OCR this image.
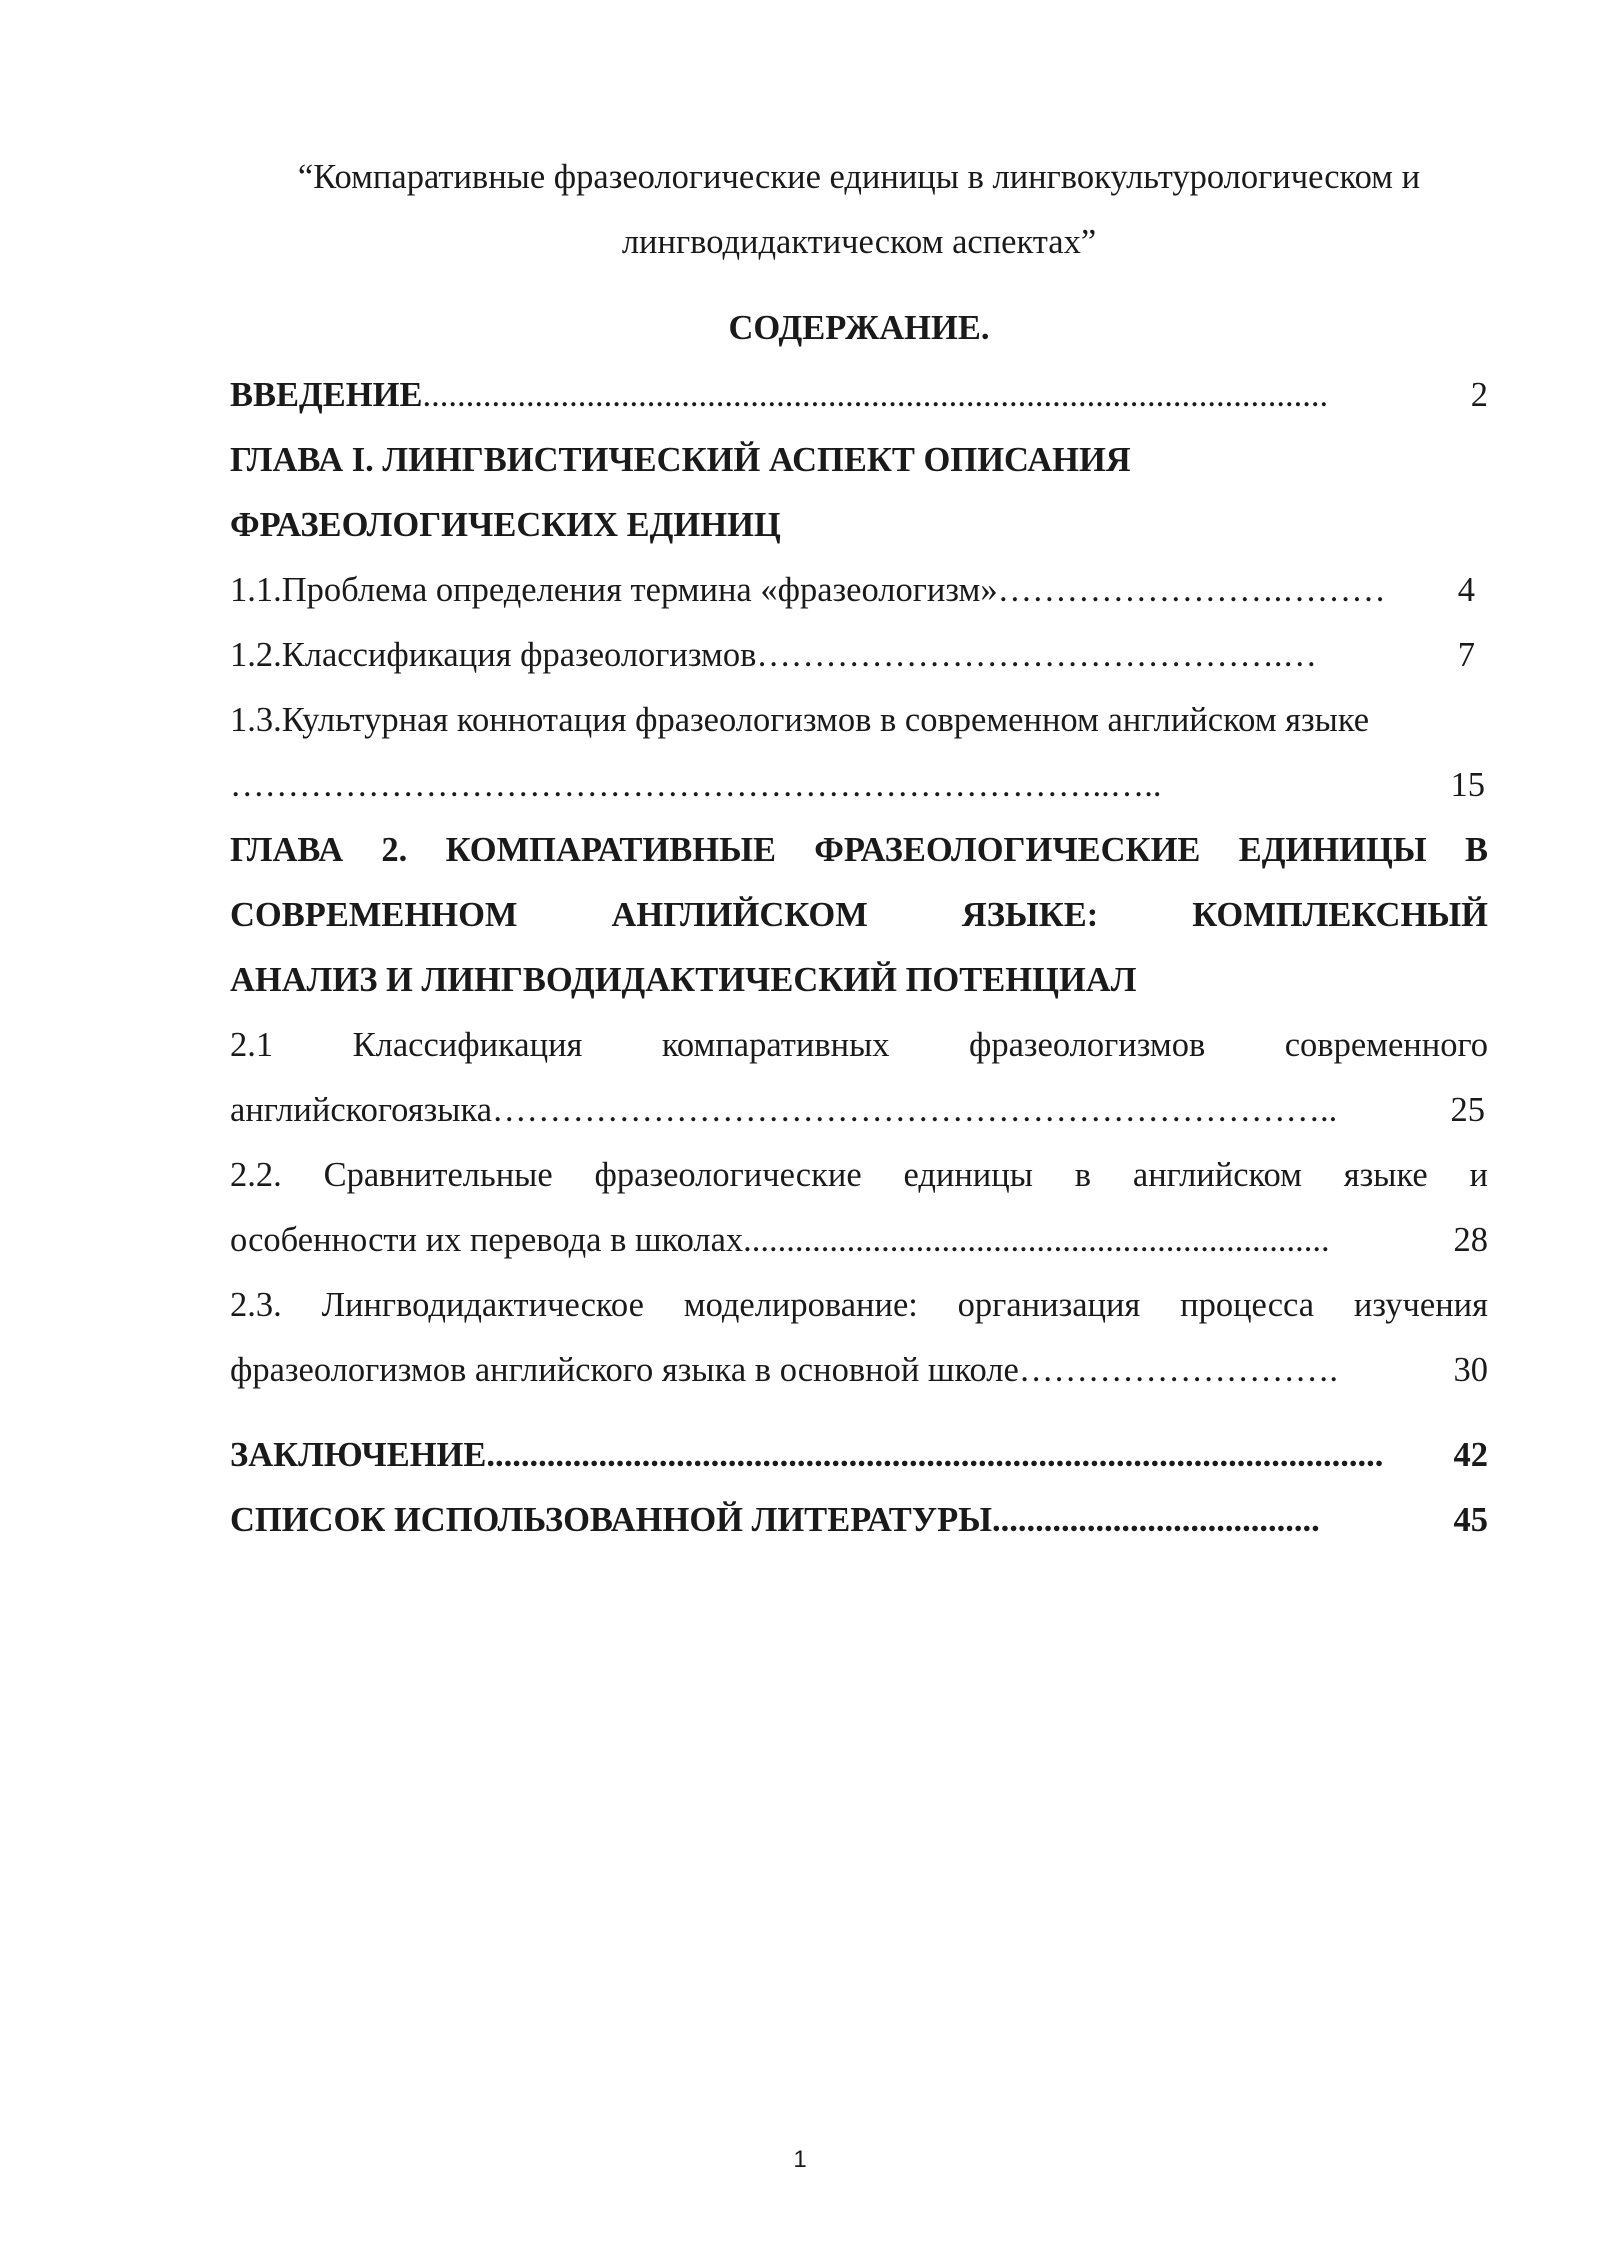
“Компаративные фразеологические единицы в лингвокультурологическом и
лингводидактическом аспектах”
СОДЕРЖАНИЕ.
ВВЕДЕНИЕ .........................................................................................................	2
ГЛАВА I. ЛИНГВИСТИЧЕСКИЙ АСПЕКТ ОПИСАНИЯ
ФРАЗЕОЛОГИЧЕСКИХ ЕДИНИЦ
1.1.Проблема определения термина «фразеологизм» …………………….………	4
1.2.Классификация фразеологизмов ……………………………………….…	7
1.3.Культурная коннотация фразеологизмов в современном английском языке
…………………………………………………………………..…..	15
ГЛАВА 2. КОМПАРАТИВНЫЕ ФРАЗЕОЛОГИЧЕСКИЕ ЕДИНИЦЫ В
СОВРЕМЕННОМ АНГЛИЙСКОМ ЯЗЫКЕ: КОМПЛЕКСНЫЙ
АНАЛИЗ И ЛИНГВОДИДАКТИЧЕСКИЙ ПОТЕНЦИАЛ
2.1 Классификация компаративных фразеологизмов современного
английскогоязыка ………………………………………………………………..	25
2.2. Сравнительные фразеологические единицы в английском языке и
особенности их перевода в школах ....................................................................	28
2.3. Лингводидактическое моделирование: организация процесса изучения
фразеологизмов английского языка в основной школе ……………………….	30
ЗАКЛЮЧЕНИЕ ........................................................................................................	42
СПИСОК ИСПОЛЬЗОВАННОЙ ЛИТЕРАТУРЫ ......................................	45
1
